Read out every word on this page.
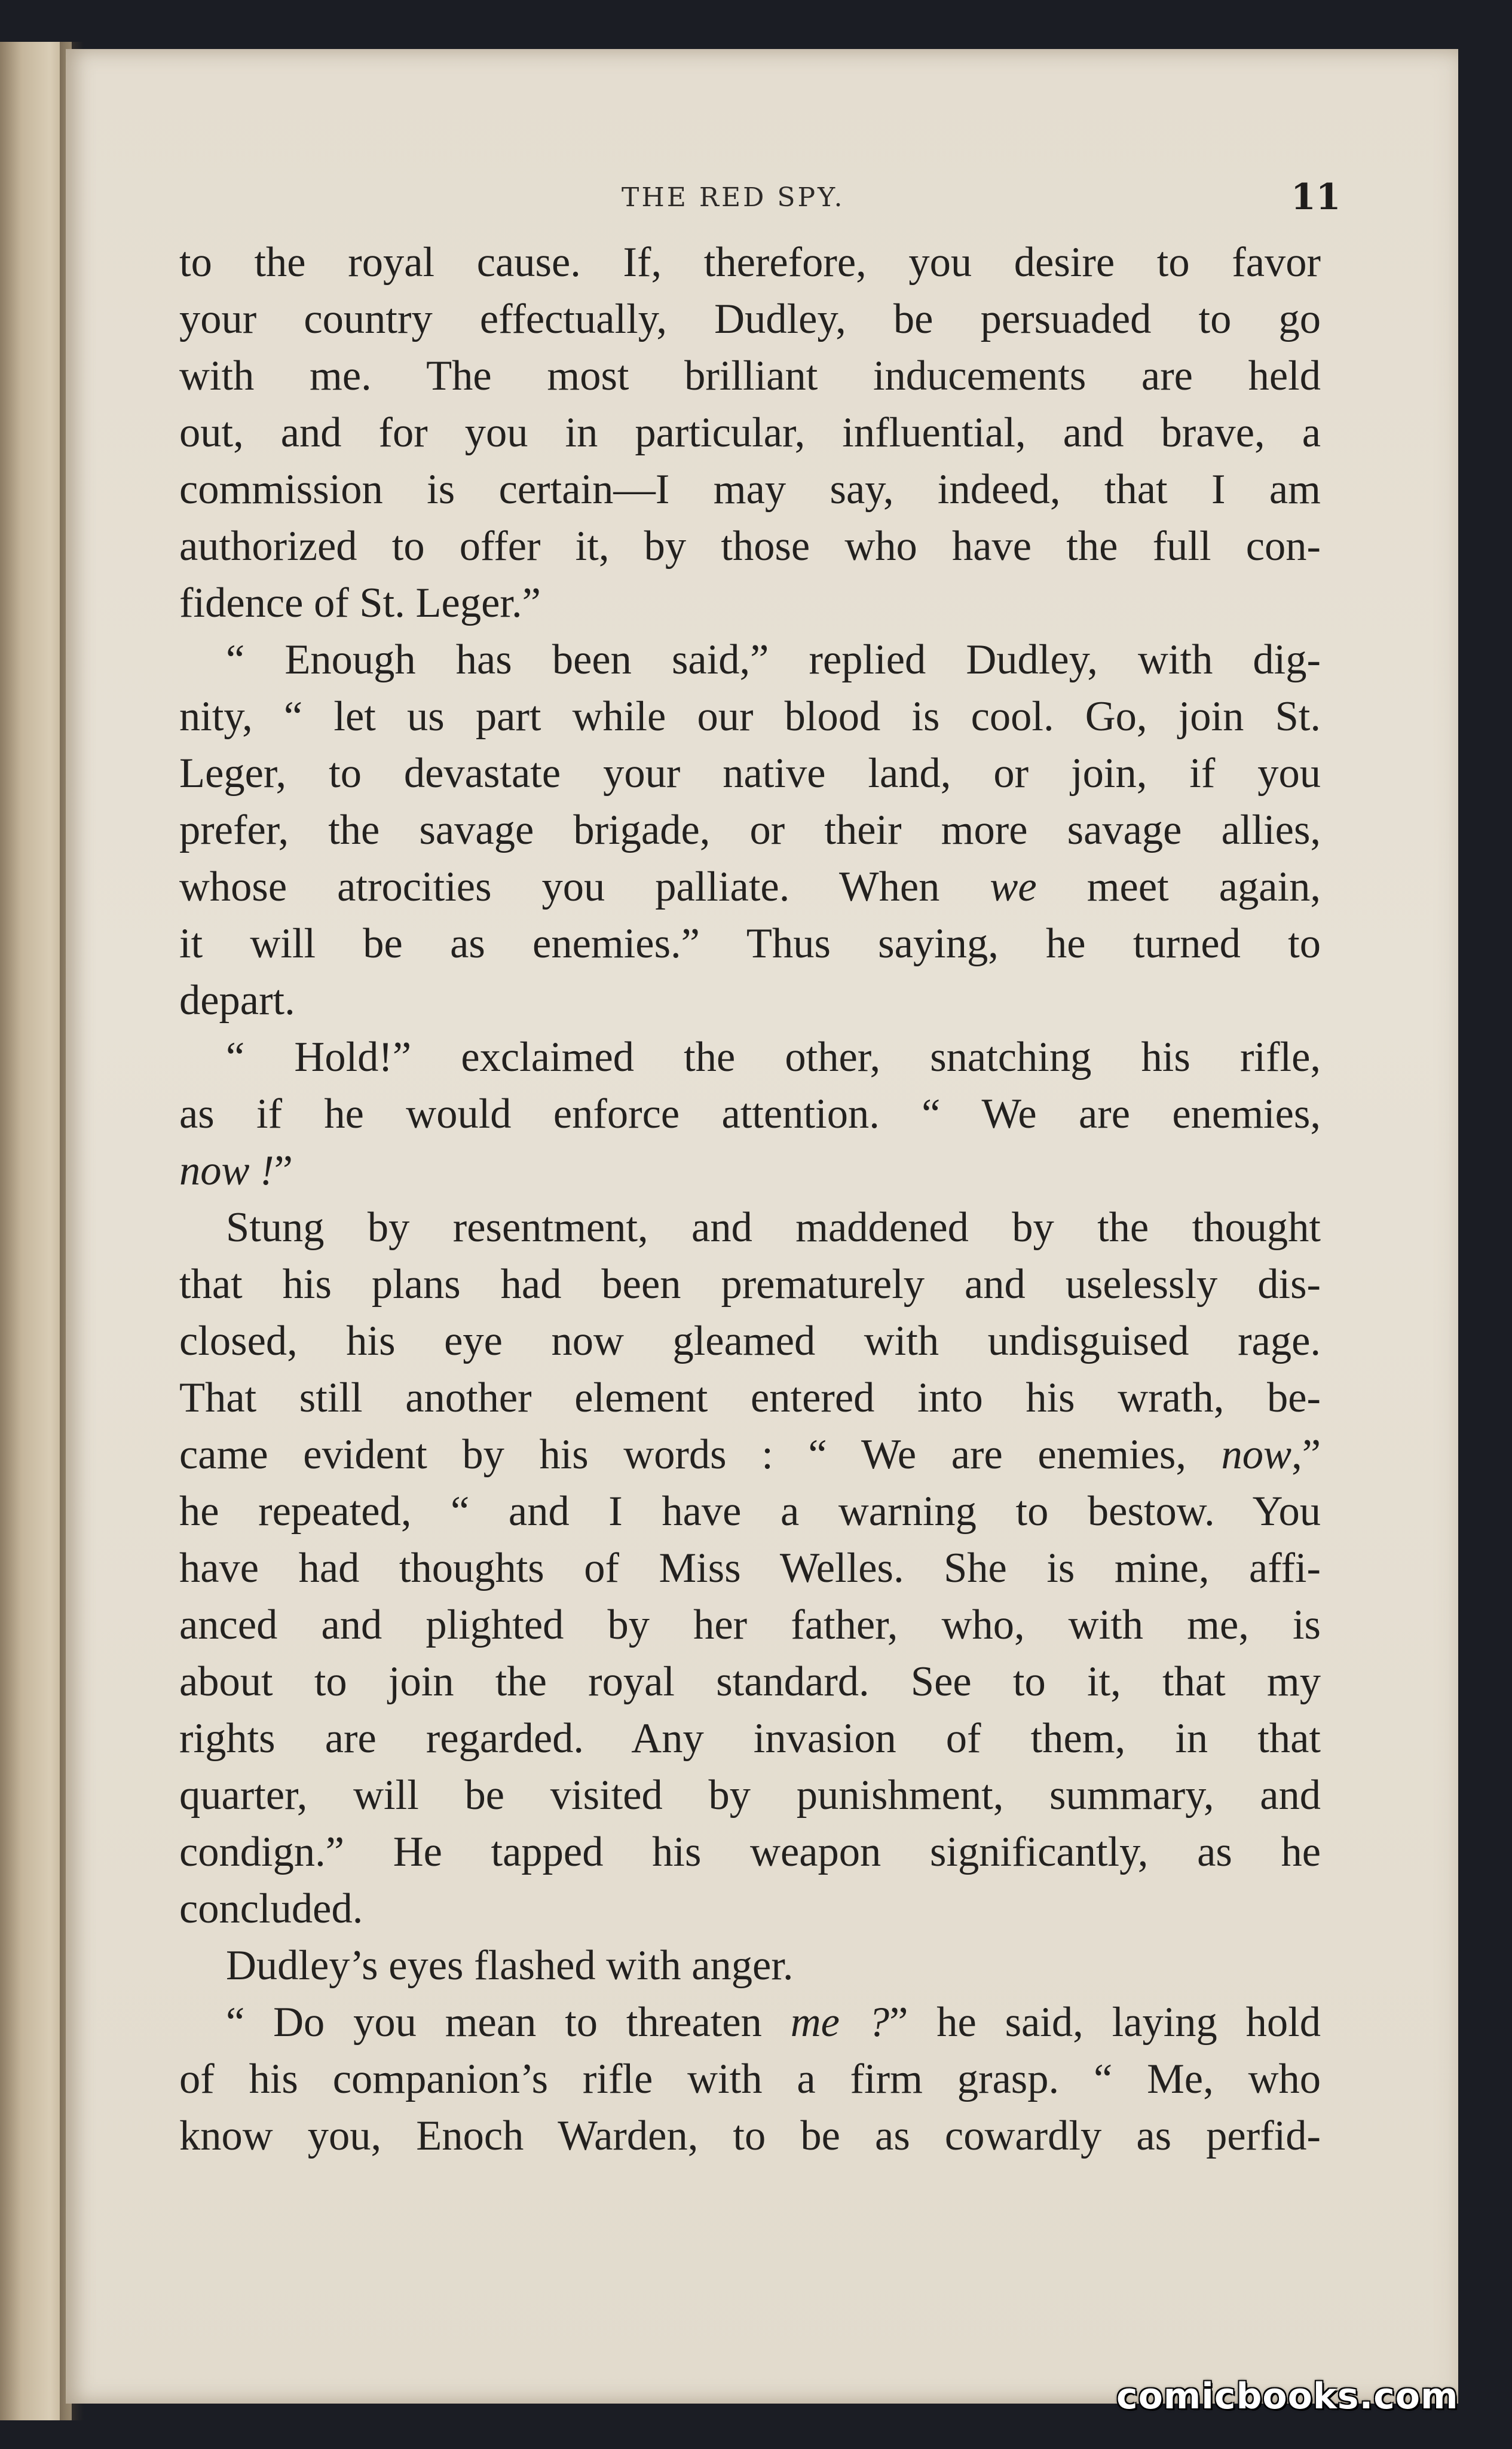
THE RED SPY.	11
to the royal cause. If, therefore, you desire to favor
your country effectually, Dudley, be persuaded to go
with me. The most brilliant inducements are held
out, and for you in particular, influential, and brave, a
commission is certain—I may say, indeed, that I am
authorized to offer it, by those who have the full con-
fidence of St. Leger.”
“ Enough has been said,” replied Dudley, with dig-
nity, “ let us part while our blood is cool. Go, join St.
Leger, to devastate your native land, or join, if you
prefer, the savage brigade, or their more savage allies,
whose atrocities you palliate. When we meet again,
it will be as enemies.” Thus saying, he turned to
depart.
“ Hold!” exclaimed the other, snatching his rifle,
as if he would enforce attention. “ We are enemies,
now !”
Stung by resentment, and maddened by the thought
that his plans had been prematurely and uselessly dis-
closed, his eye now gleamed with undisguised rage.
That still another element entered into his wrath, be-
came evident by his words : “ We are enemies, now,”
he repeated, “ and I have a warning to bestow. You
have had thoughts of Miss Welles. She is mine, affi-
anced and plighted by her father, who, with me, is
about to join the royal standard. See to it, that my
rights are regarded. Any invasion of them, in that
quarter, will be visited by punishment, summary, and
condign.” He tapped his weapon significantly, as he
concluded.
Dudley’s eyes flashed with anger.
“ Do you mean to threaten me ?” he said, laying hold
of his companion’s rifle with a firm grasp. “ Me, who
know you, Enoch Warden, to be as cowardly as perfid-
comicbooks.com
